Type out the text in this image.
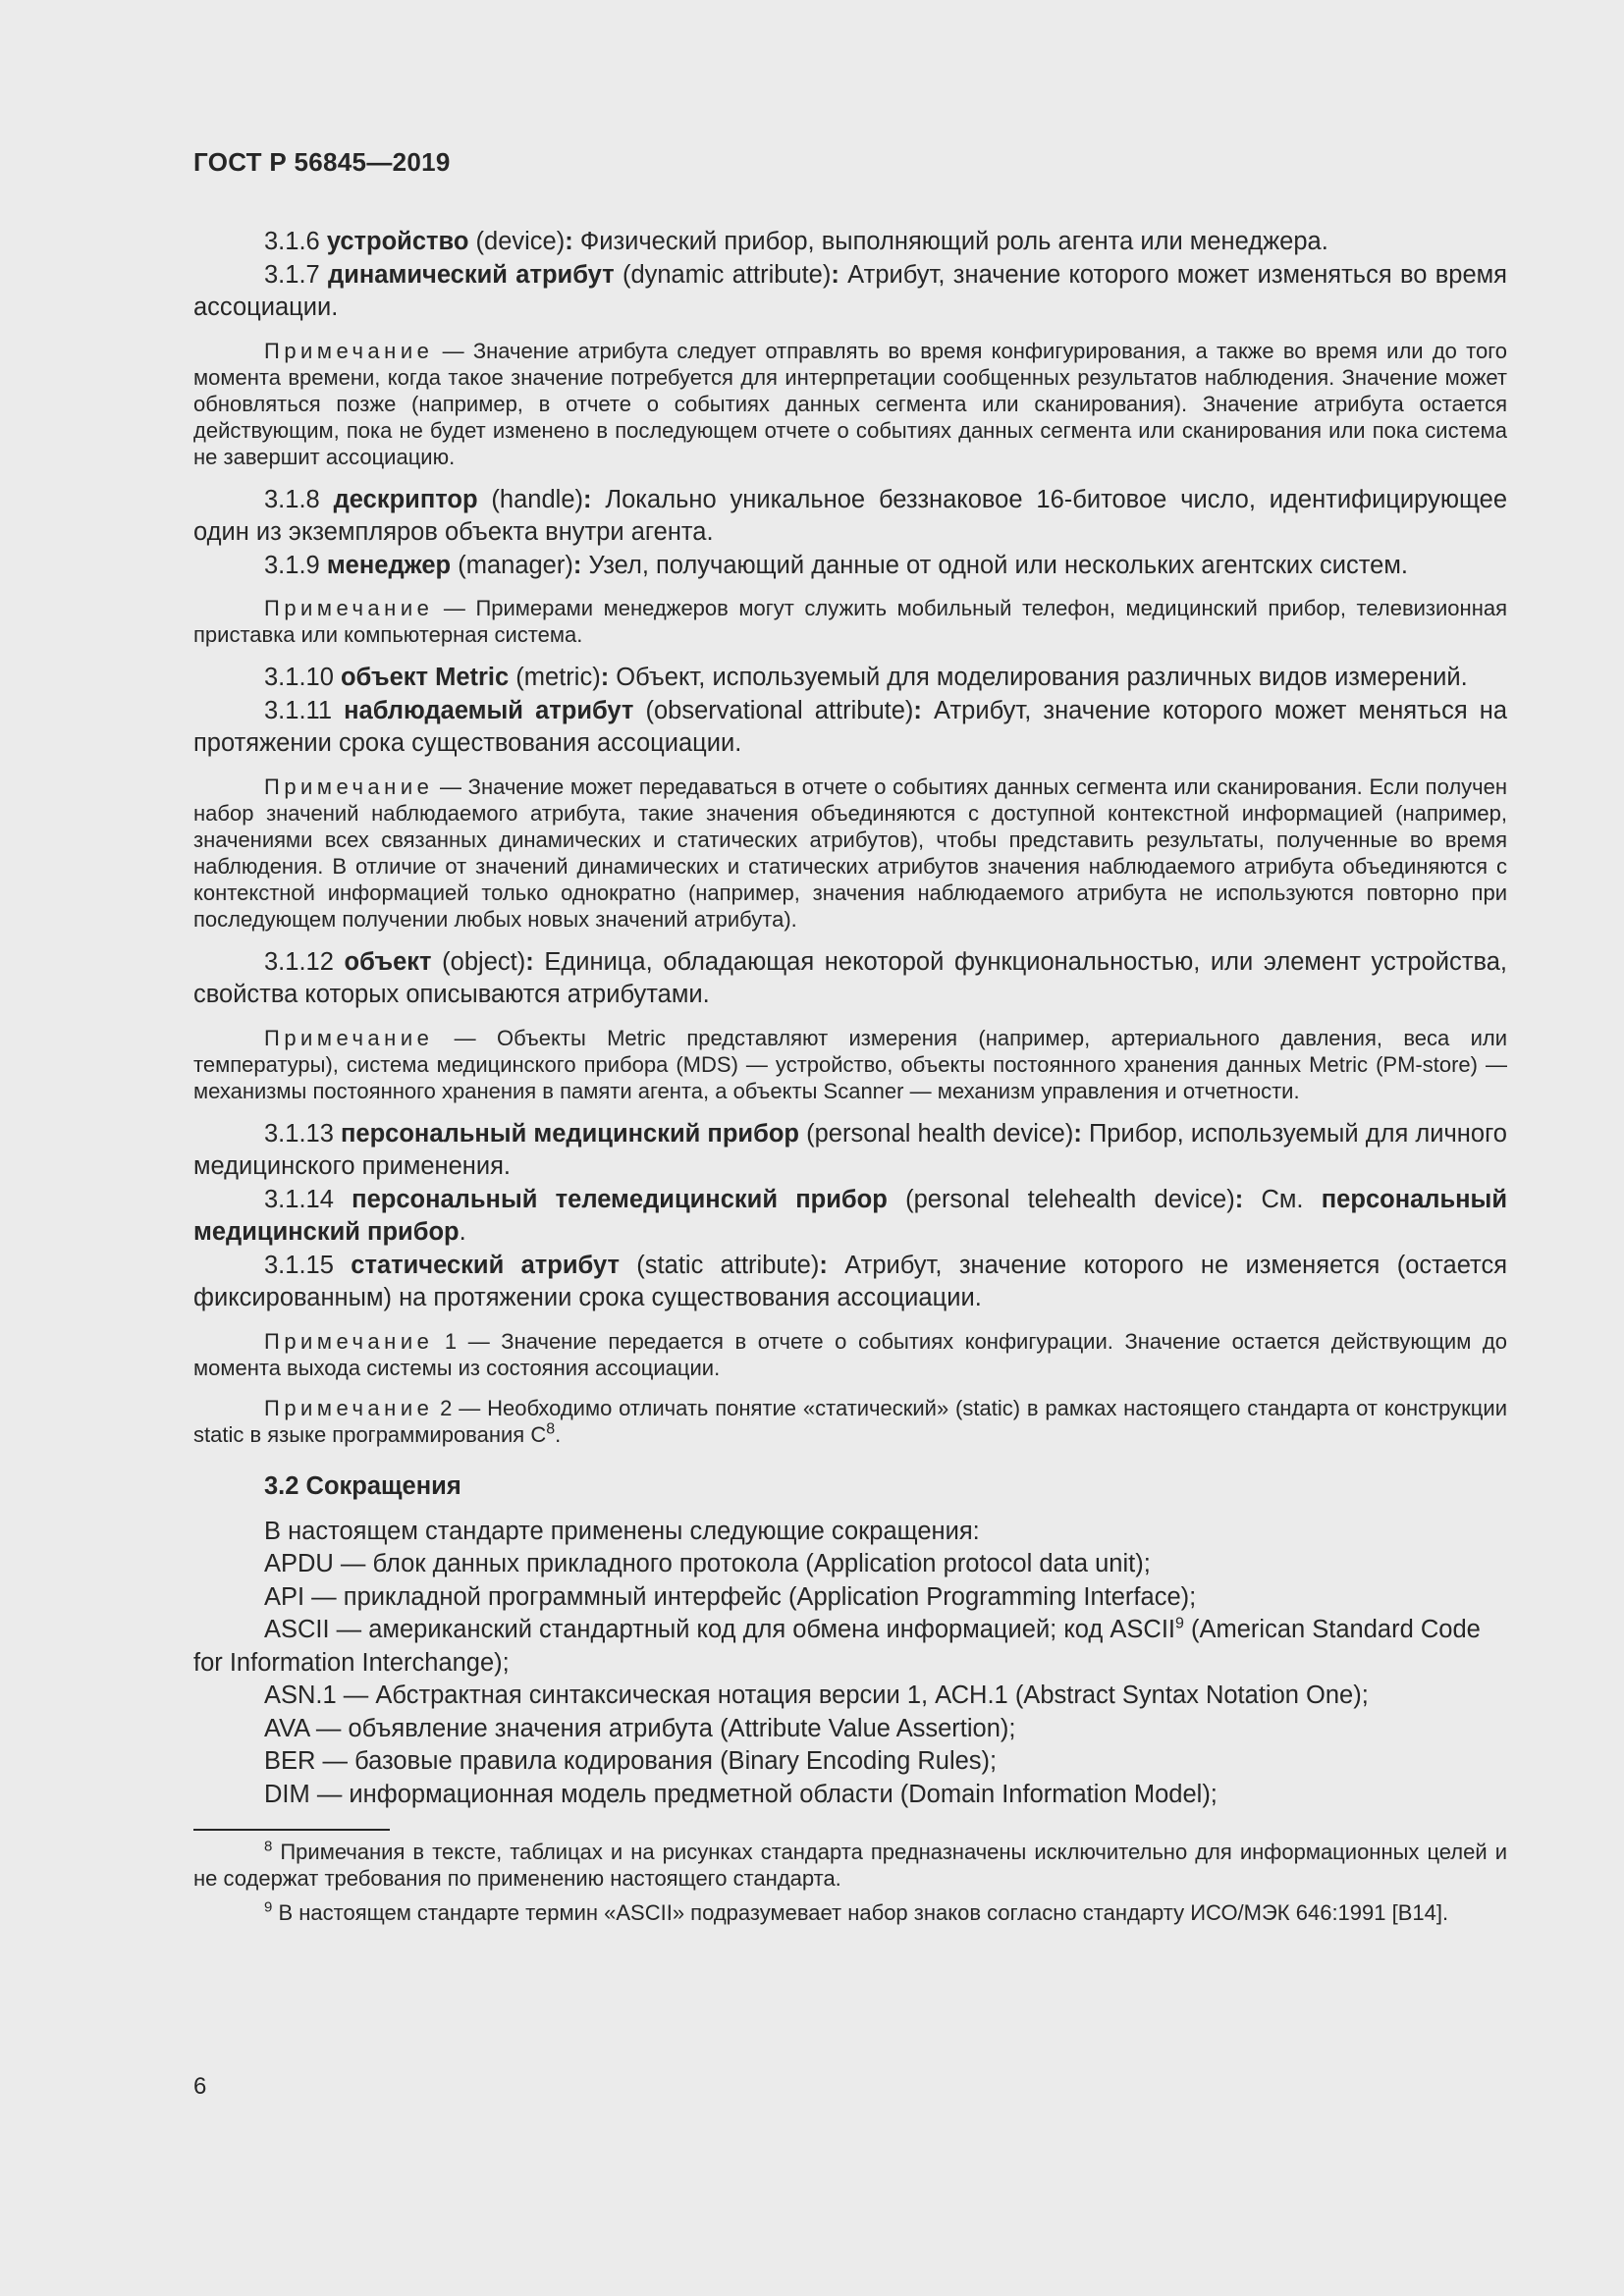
ГОСТ Р 56845—2019

3.1.6 устройство (device): Физический прибор, выполняющий роль агента или менеджера.

3.1.7 динамический атрибут (dynamic attribute): Атрибут, значение которого может изменяться во время ассоциации.

Примечание — Значение атрибута следует отправлять во время конфигурирования, а также во время или до того момента времени, когда такое значение потребуется для интерпретации сообщенных результатов наблюдения. Значение может обновляться позже (например, в отчете о событиях данных сегмента или сканирования). Значение атрибута остается действующим, пока не будет изменено в последующем отчете о событиях данных сегмента или сканирования или пока система не завершит ассоциацию.

3.1.8 дескриптор (handle): Локально уникальное беззнаковое 16-битовое число, идентифицирующее один из экземпляров объекта внутри агента.

3.1.9 менеджер (manager): Узел, получающий данные от одной или нескольких агентских систем.

Примечание — Примерами менеджеров могут служить мобильный телефон, медицинский прибор, телевизионная приставка или компьютерная система.

3.1.10 объект Metric (metric): Объект, используемый для моделирования различных видов измерений.

3.1.11 наблюдаемый атрибут (observational attribute): Атрибут, значение которого может меняться на протяжении срока существования ассоциации.

Примечание — Значение может передаваться в отчете о событиях данных сегмента или сканирования. Если получен набор значений наблюдаемого атрибута, такие значения объединяются с доступной контекстной информацией (например, значениями всех связанных динамических и статических атрибутов), чтобы представить результаты, полученные во время наблюдения. В отличие от значений динамических и статических атрибутов значения наблюдаемого атрибута объединяются с контекстной информацией только однократно (например, значения наблюдаемого атрибута не используются повторно при последующем получении любых новых значений атрибута).

3.1.12 объект (object): Единица, обладающая некоторой функциональностью, или элемент устройства, свойства которых описываются атрибутами.

Примечание — Объекты Metric представляют измерения (например, артериального давления, веса или температуры), система медицинского прибора (MDS) — устройство, объекты постоянного хранения данных Metric (PM-store) — механизмы постоянного хранения в памяти агента, а объекты Scanner — механизм управления и отчетности.

3.1.13 персональный медицинский прибор (personal health device): Прибор, используемый для личного медицинского применения.

3.1.14 персональный телемедицинский прибор (personal telehealth device): См. персональный медицинский прибор.

3.1.15 статический атрибут (static attribute): Атрибут, значение которого не изменяется (остается фиксированным) на протяжении срока существования ассоциации.

Примечание 1 — Значение передается в отчете о событиях конфигурации. Значение остается действующим до момента выхода системы из состояния ассоциации.

Примечание 2 — Необходимо отличать понятие «статический» (static) в рамках настоящего стандарта от конструкции static в языке программирования $C^8$.

3.2 Сокращения

В настоящем стандарте применены следующие сокращения:

APDU — блок данных прикладного протокола (Application protocol data unit);

API — прикладной программный интерфейс (Application Programming Interface);

ASCII — американский стандартный код для обмена информацией; код ASCII$^9$ (American Standard Code for Information Interchange);

ASN.1 — Абстрактная синтаксическая нотация версии 1, АСН.1 (Abstract Syntax Notation One);

AVA — объявление значения атрибута (Attribute Value Assertion);

BER — базовые правила кодирования (Binary Encoding Rules);

DIM — информационная модель предметной области (Domain Information Model);

$^8$ Примечания в тексте, таблицах и на рисунках стандарта предназначены исключительно для информационных целей и не содержат требования по применению настоящего стандарта.

$^9$ В настоящем стандарте термин «ASCII» подразумевает набор знаков согласно стандарту ИСО/МЭК 646:1991 [В14].

6
